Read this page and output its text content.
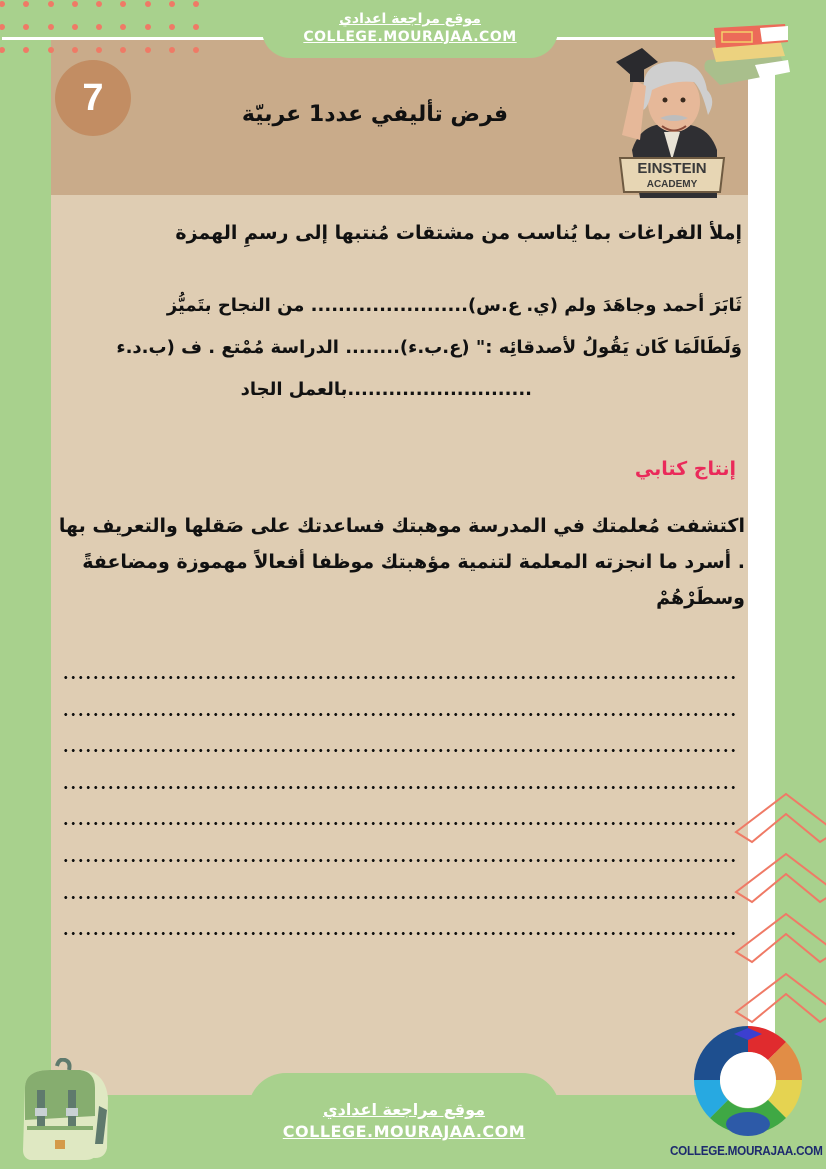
موقع مراجعة اعدادي
COLLEGE.MOURAJAA.COM
7	فرض تأليفي عدد1 عربيّة
EINSTEIN
ACADEMY
إملأ الفراغات بما يُناسب من مشتقات مُنتبها إلى رسمِ الهمزة
ثَابَرَ أحمد وجاهَدَ ولم (ي. ع.س)....................... من النجاح بتَميُّز
وَلَطَالَمَا كَان يَقُولُ لأصدقائِه :" (ع.ب.ء)........ الدراسة مُمْتع . ف (ب.د.ء
...........................بالعمل الجاد
إنتاج كتابي
اكتشفت مُعلمتك في المدرسة موهبتك فساعدتك على صَقلها والتعريف بها . أسرد ما انجزته المعلمة لتنمية مؤهبتك موظفا أفعالاً مهموزة ومضاعفةً وسطَرْهُمْ
موقع مراجعة اعدادي
COLLEGE.MOURAJAA.COM
COLLEGE.MOURAJAA.COM
